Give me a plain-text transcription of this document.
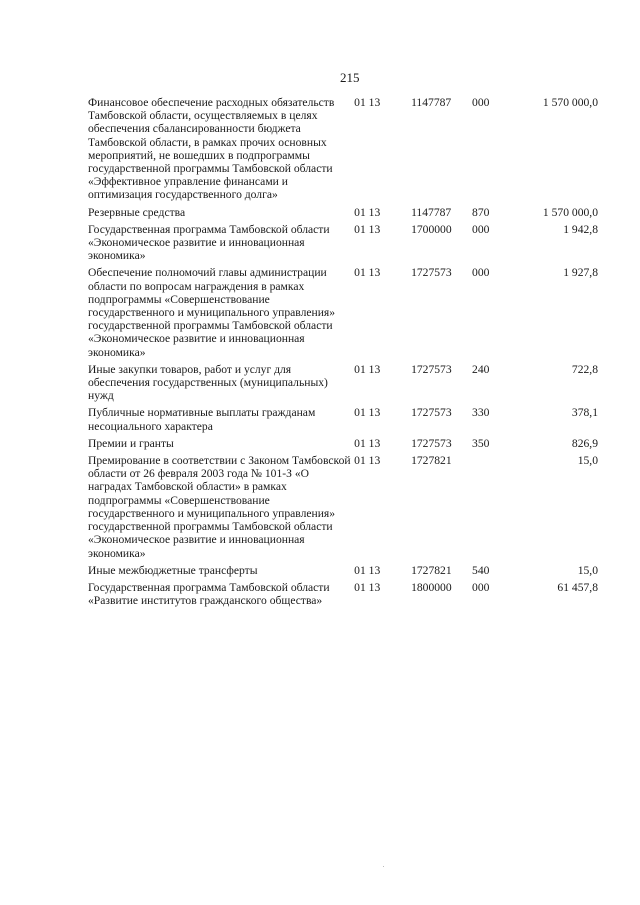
215
Финансовое обеспечение расходных обязательств Тамбовской области, осуществляемых в целях обеспечения сбалансированности бюджета Тамбовской области, в рамках прочих основных мероприятий, не вошедших в подпрограммы государственной программы Тамбовской области «Эффективное управление финансами и оптимизация государственного долга»	01 13	1147787	000	1 570 000,0
Резервные средства	01 13	1147787	870	1 570 000,0
Государственная программа Тамбовской области «Экономическое развитие и инновационная экономика»	01 13	1700000	000	1 942,8
Обеспечение полномочий главы администрации области по вопросам награждения в рамках подпрограммы «Совершенствование государственного и муниципального управления» государственной программы Тамбовской области «Экономическое развитие и инновационная экономика»	01 13	1727573	000	1 927,8
Иные закупки товаров, работ и услуг для обеспечения государственных (муниципальных) нужд	01 13	1727573	240	722,8
Публичные нормативные выплаты гражданам несоциального характера	01 13	1727573	330	378,1
Премии и гранты	01 13	1727573	350	826,9
Премирование в соответствии с Законом Тамбовской области от 26 февраля 2003 года № 101-З «О наградах Тамбовской области» в рамках подпрограммы «Совершенствование государственного и муниципального управления» государственной программы Тамбовской области «Экономическое развитие и инновационная экономика»	01 13	1727821		15,0
Иные межбюджетные трансферты	01 13	1727821	540	15,0
Государственная программа Тамбовской области «Развитие институтов гражданского общества»	01 13	1800000	000	61 457,8
